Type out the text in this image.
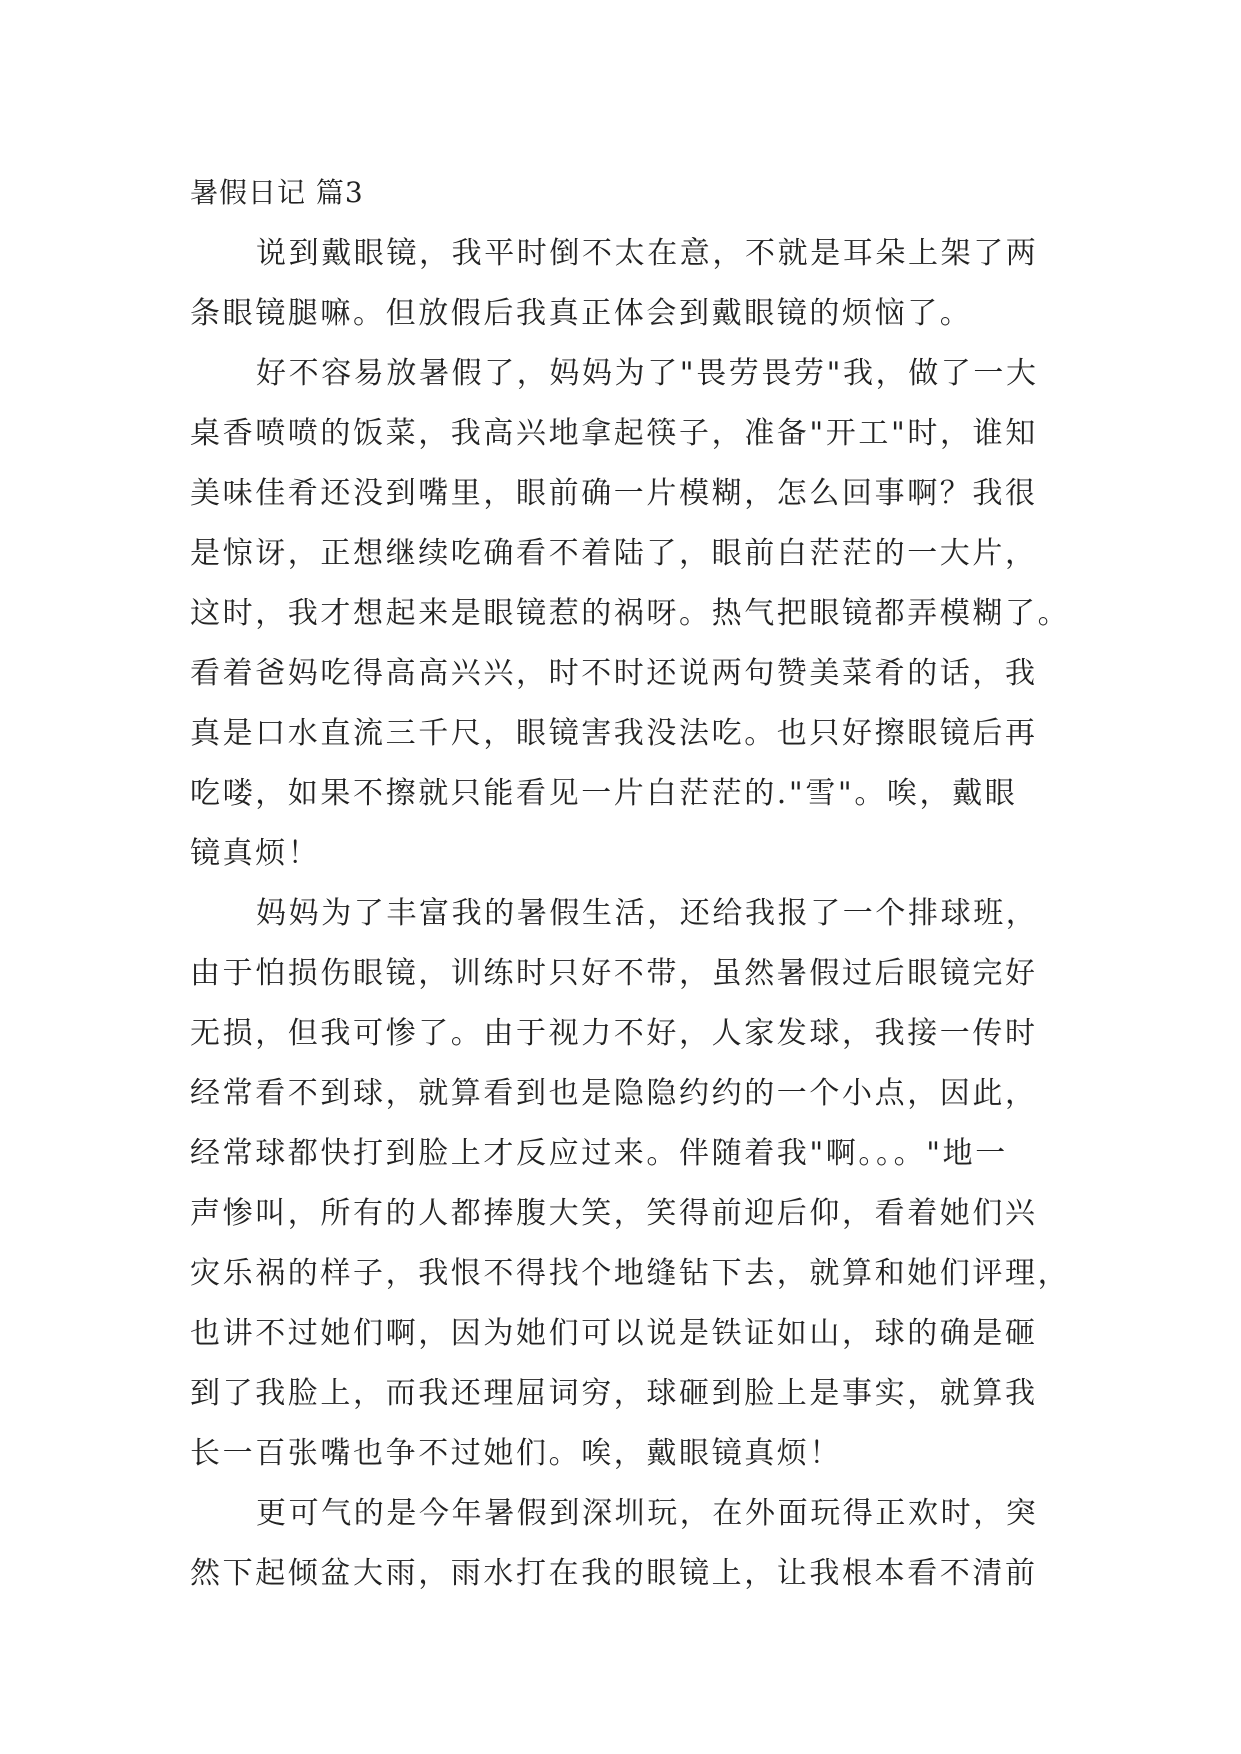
暑假日记 篇3
说到戴眼镜，我平时倒不太在意，不就是耳朵上架了两
条眼镜腿嘛。但放假后我真正体会到戴眼镜的烦恼了。
好不容易放暑假了，妈妈为了"畏劳畏劳"我，做了一大
桌香喷喷的饭菜，我高兴地拿起筷子，准备"开工"时，谁知
美味佳肴还没到嘴里，眼前确一片模糊，怎么回事啊？我很
是惊讶，正想继续吃确看不着陆了，眼前白茫茫的一大片，
这时，我才想起来是眼镜惹的祸呀。热气把眼镜都弄模糊了。
看着爸妈吃得高高兴兴，时不时还说两句赞美菜肴的话，我
真是口水直流三千尺，眼镜害我没法吃。也只好擦眼镜后再
吃喽，如果不擦就只能看见一片白茫茫的."雪"。唉，戴眼
镜真烦！
妈妈为了丰富我的暑假生活，还给我报了一个排球班，
由于怕损伤眼镜，训练时只好不带，虽然暑假过后眼镜完好
无损，但我可惨了。由于视力不好，人家发球，我接一传时
经常看不到球，就算看到也是隐隐约约的一个小点，因此，
经常球都快打到脸上才反应过来。伴随着我"啊。。。"地一
声惨叫，所有的人都捧腹大笑，笑得前迎后仰，看着她们兴
灾乐祸的样子，我恨不得找个地缝钻下去，就算和她们评理，
也讲不过她们啊，因为她们可以说是铁证如山，球的确是砸
到了我脸上，而我还理屈词穷，球砸到脸上是事实，就算我
长一百张嘴也争不过她们。唉，戴眼镜真烦！
更可气的是今年暑假到深圳玩，在外面玩得正欢时，突
然下起倾盆大雨，雨水打在我的眼镜上，让我根本看不清前
